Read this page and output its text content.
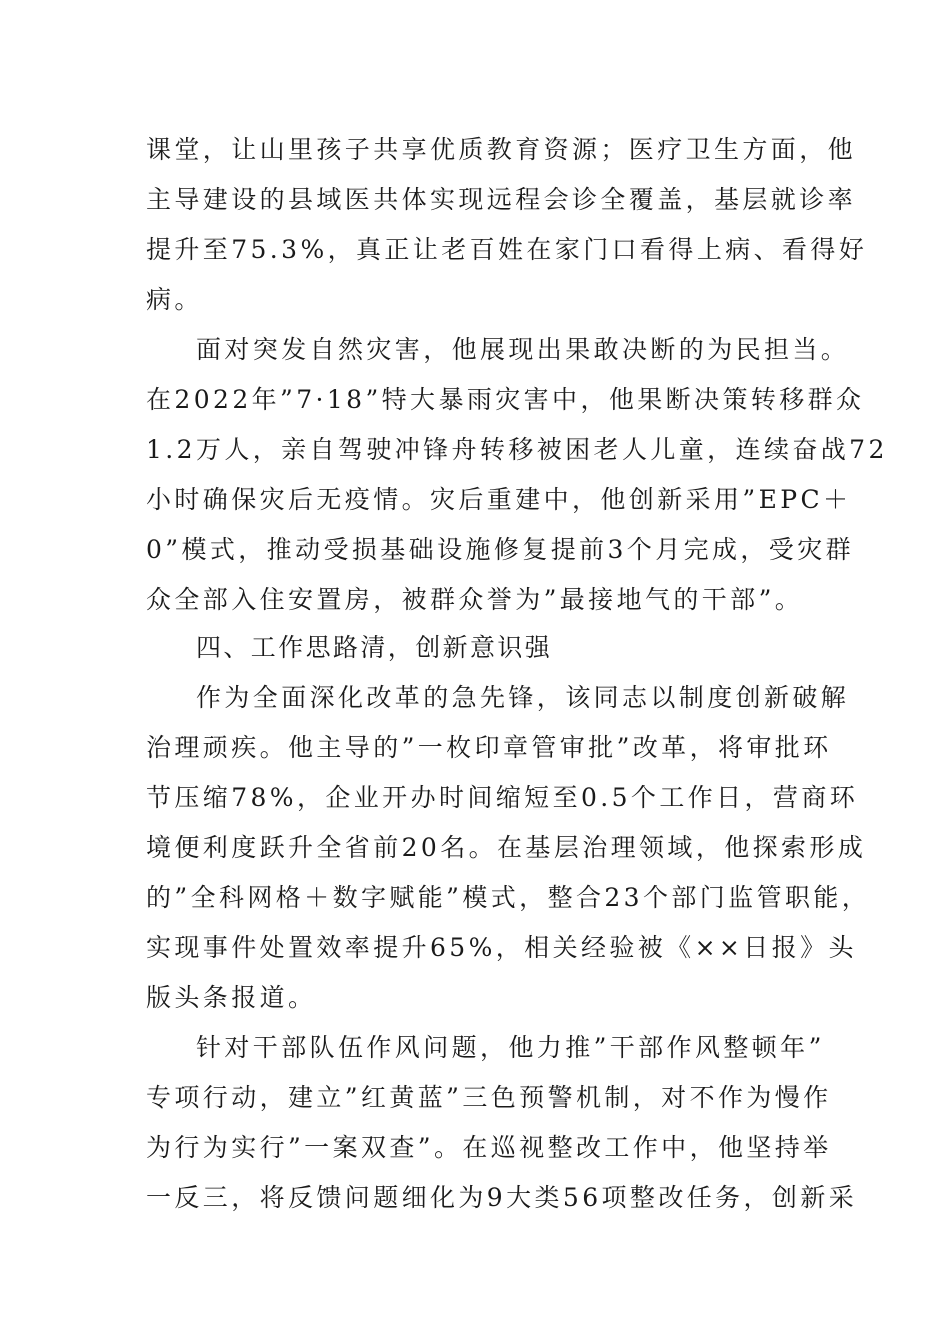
课堂，让山里孩子共享优质教育资源；医疗卫生方面，他
主导建设的县域医共体实现远程会诊全覆盖，基层就诊率
提升至75.3%，真正让老百姓在家门口看得上病、看得好
病。
面对突发自然灾害，他展现出果敢决断的为民担当。
在2022年”7·18”特大暴雨灾害中，他果断决策转移群众
1.2万人，亲自驾驶冲锋舟转移被困老人儿童，连续奋战72
小时确保灾后无疫情。灾后重建中，他创新采用”EPC＋
0”模式，推动受损基础设施修复提前3个月完成，受灾群
众全部入住安置房，被群众誉为”最接地气的干部”。
四、工作思路清，创新意识强
作为全面深化改革的急先锋，该同志以制度创新破解
治理顽疾。他主导的”一枚印章管审批”改革，将审批环
节压缩78%，企业开办时间缩短至0.5个工作日，营商环
境便利度跃升全省前20名。在基层治理领域，他探索形成
的”全科网格＋数字赋能”模式，整合23个部门监管职能，
实现事件处置效率提升65%，相关经验被《××日报》头
版头条报道。
针对干部队伍作风问题，他力推”干部作风整顿年”
专项行动，建立”红黄蓝”三色预警机制，对不作为慢作
为行为实行”一案双查”。在巡视整改工作中，他坚持举
一反三，将反馈问题细化为9大类56项整改任务，创新采
